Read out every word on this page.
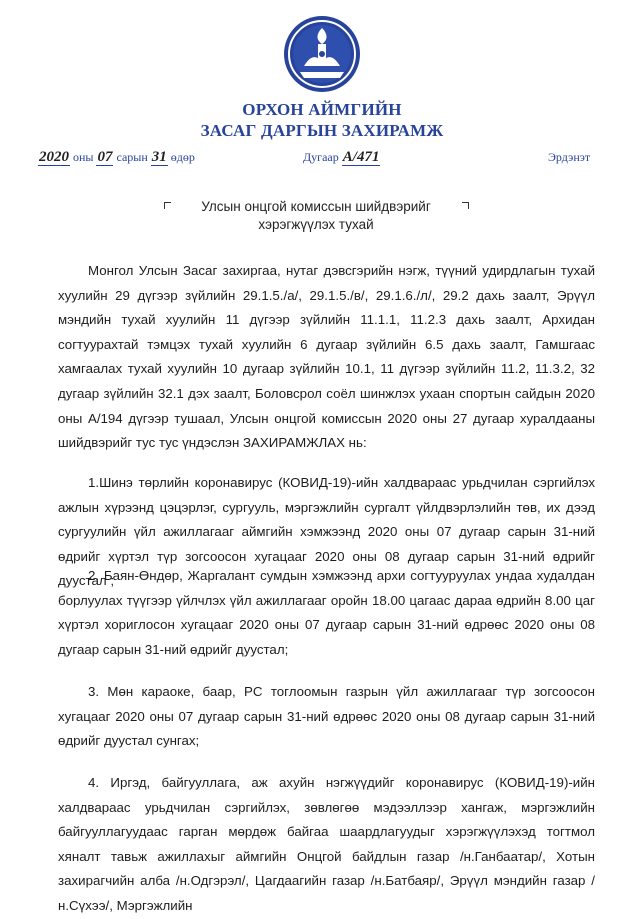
ОРХОН АЙМГИЙН
ЗАСАГ ДАРГЫН ЗАХИРАМЖ
2020 оны 07 сарын 31 өдөр	Дугаар А/471	Эрдэнэт
Улсын онцгой комиссын шийдвэрийг
хэрэгжүүлэх тухай
Монгол Улсын Засаг захиргаа, нутаг дэвсгэрийн нэгж, түүний удирдлагын тухай хуулийн 29 дүгээр зүйлийн 29.1.5./а/, 29.1.5./в/, 29.1.6./л/, 29.2 дахь заалт, Эрүүл мэндийн тухай хуулийн 11 дүгээр зүйлийн 11.1.1, 11.2.3 дахь заалт, Архидан согтуурахтай тэмцэх тухай хуулийн 6 дугаар зүйлийн 6.5 дахь заалт, Гамшгаас хамгаалах тухай хуулийн 10 дугаар зүйлийн 10.1, 11 дүгээр зүйлийн 11.2, 11.3.2, 32 дугаар зүйлийн 32.1 дэх заалт, Боловсрол соёл шинжлэх ухаан спортын сайдын 2020 оны А/194 дүгээр тушаал, Улсын онцгой комиссын 2020 оны 27 дугаар хуралдааны шийдвэрийг тус тус үндэслэн ЗАХИРАМЖЛАХ нь:
1.Шинэ төрлийн коронавирус (КОВИД-19)-ийн халдвараас урьдчилан сэргийлэх ажлын хүрээнд цэцэрлэг, сургууль, мэргэжлийн сургалт үйлдвэрлэлийн төв, их дээд сургуулийн үйл ажиллагааг аймгийн хэмжээнд 2020 оны 07 дугаар сарын 31-ний өдрийг хүртэл түр зогсоосон хугацааг 2020 оны 08 дугаар сарын 31-ний өдрийг дуустал ;
2. Баян-Өндөр, Жаргалант сумдын хэмжээнд архи согтууруулах ундаа худалдан борлуулах түүгээр үйлчлэх үйл ажиллагааг оройн 18.00 цагаас дараа өдрийн 8.00 цаг хүртэл хориглосон хугацааг 2020 оны 07 дугаар сарын 31-ний өдрөөс 2020 оны 08 дугаар сарын 31-ний өдрийг дуустал;
3. Мөн караоке, баар, PC тоглоомын газрын үйл ажиллагааг түр зогсоосон хугацааг 2020 оны 07 дугаар сарын 31-ний өдрөөс 2020 оны 08 дугаар сарын 31-ний өдрийг дуустал сунгах;
4. Иргэд, байгууллага, аж ахуйн нэгжүүдийг коронавирус (КОВИД-19)-ийн халдвараас урьдчилан сэргийлэх, зөвлөгөө мэдээллээр хангаж, мэргэжлийн байгууллагуудаас гарган мөрдөж байгаа шаардлагуудыг хэрэгжүүлэхэд тогтмол хяналт тавьж ажиллахыг аймгийн Онцгой байдлын газар /н.Ганбаатар/, Хотын захирагчийн алба /н.Одгэрэл/, Цагдаагийн газар /н.Батбаяр/, Эрүүл мэндийн газар /н.Сүхээ/, Мэргэжлийн
